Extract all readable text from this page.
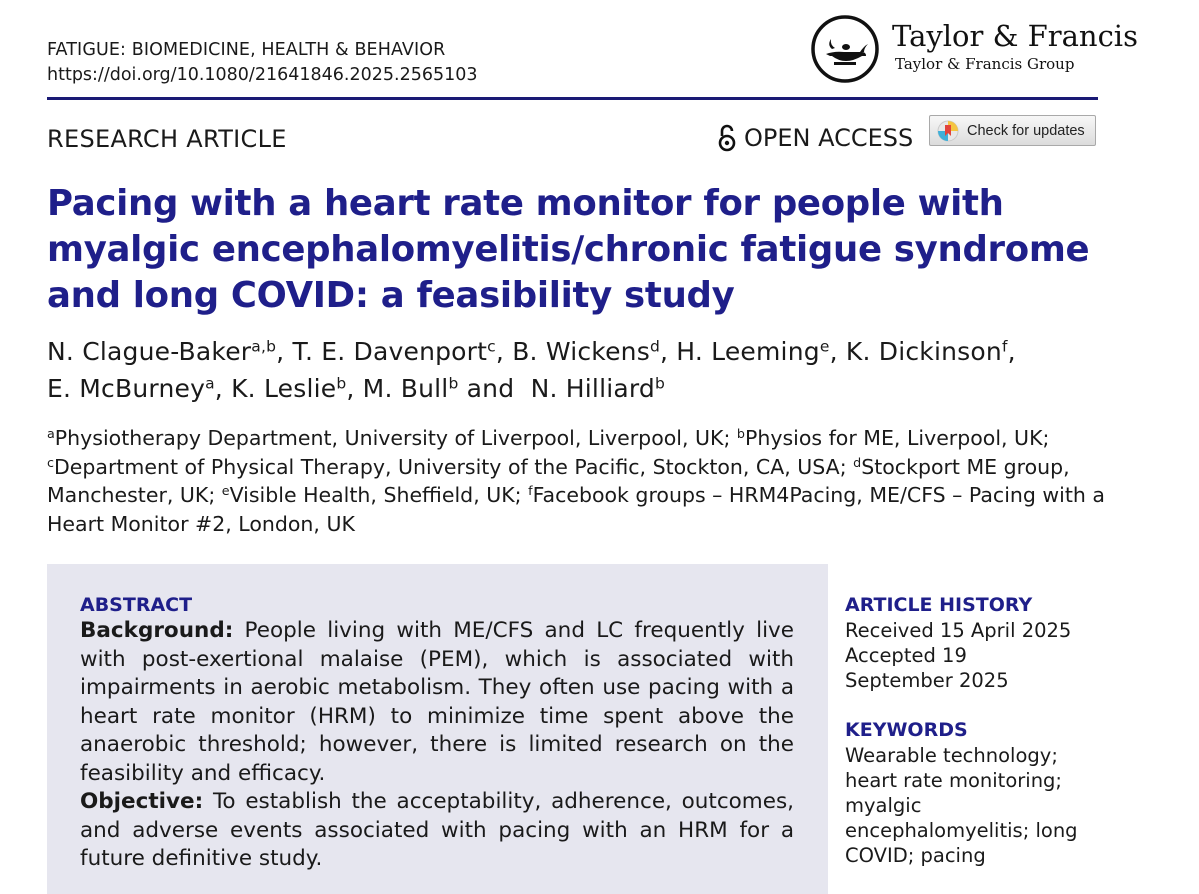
FATIGUE: BIOMEDICINE, HEALTH & BEHAVIOR
https://doi.org/10.1080/21641846.2025.2565103
Taylor & Francis
Taylor & Francis Group
RESEARCH ARTICLE	OPEN ACCESS	Check for updates
Pacing with a heart rate monitor for people with myalgic encephalomyelitis/chronic fatigue syndrome and long COVID: a feasibility study
N. Clague-Baker$^{a,b}$, T. E. Davenport$^c$, B. Wickens$^d$, H. Leeming$^e$, K. Dickinson$^f$,
E. McBurney$^a$, K. Leslie$^b$, M. Bull$^b$ and  N. Hilliard$^b$
$^a$Physiotherapy Department, University of Liverpool, Liverpool, UK; $^b$Physios for ME, Liverpool, UK;
$^c$Department of Physical Therapy, University of the Pacific, Stockton, CA, USA; $^d$Stockport ME group, Manchester, UK; $^e$Visible Health, Sheffield, UK; $^f$Facebook groups – HRM4Pacing, ME/CFS – Pacing with a Heart Monitor #2, London, UK
ABSTRACT
Background: People living with ME/CFS and LC frequently live with post-exertional malaise (PEM), which is associated with impairments in aerobic metabolism. They often use pacing with a heart rate monitor (HRM) to minimize time spent above the anaerobic threshold; however, there is limited research on the feasibility and efficacy.
Objective: To establish the acceptability, adherence, outcomes, and adverse events associated with pacing with an HRM for a future definitive study.
ARTICLE HISTORY
Received 15 April 2025
Accepted 19 September 2025
KEYWORDS
Wearable technology; heart rate monitoring; myalgic encephalomyelitis; long COVID; pacing
